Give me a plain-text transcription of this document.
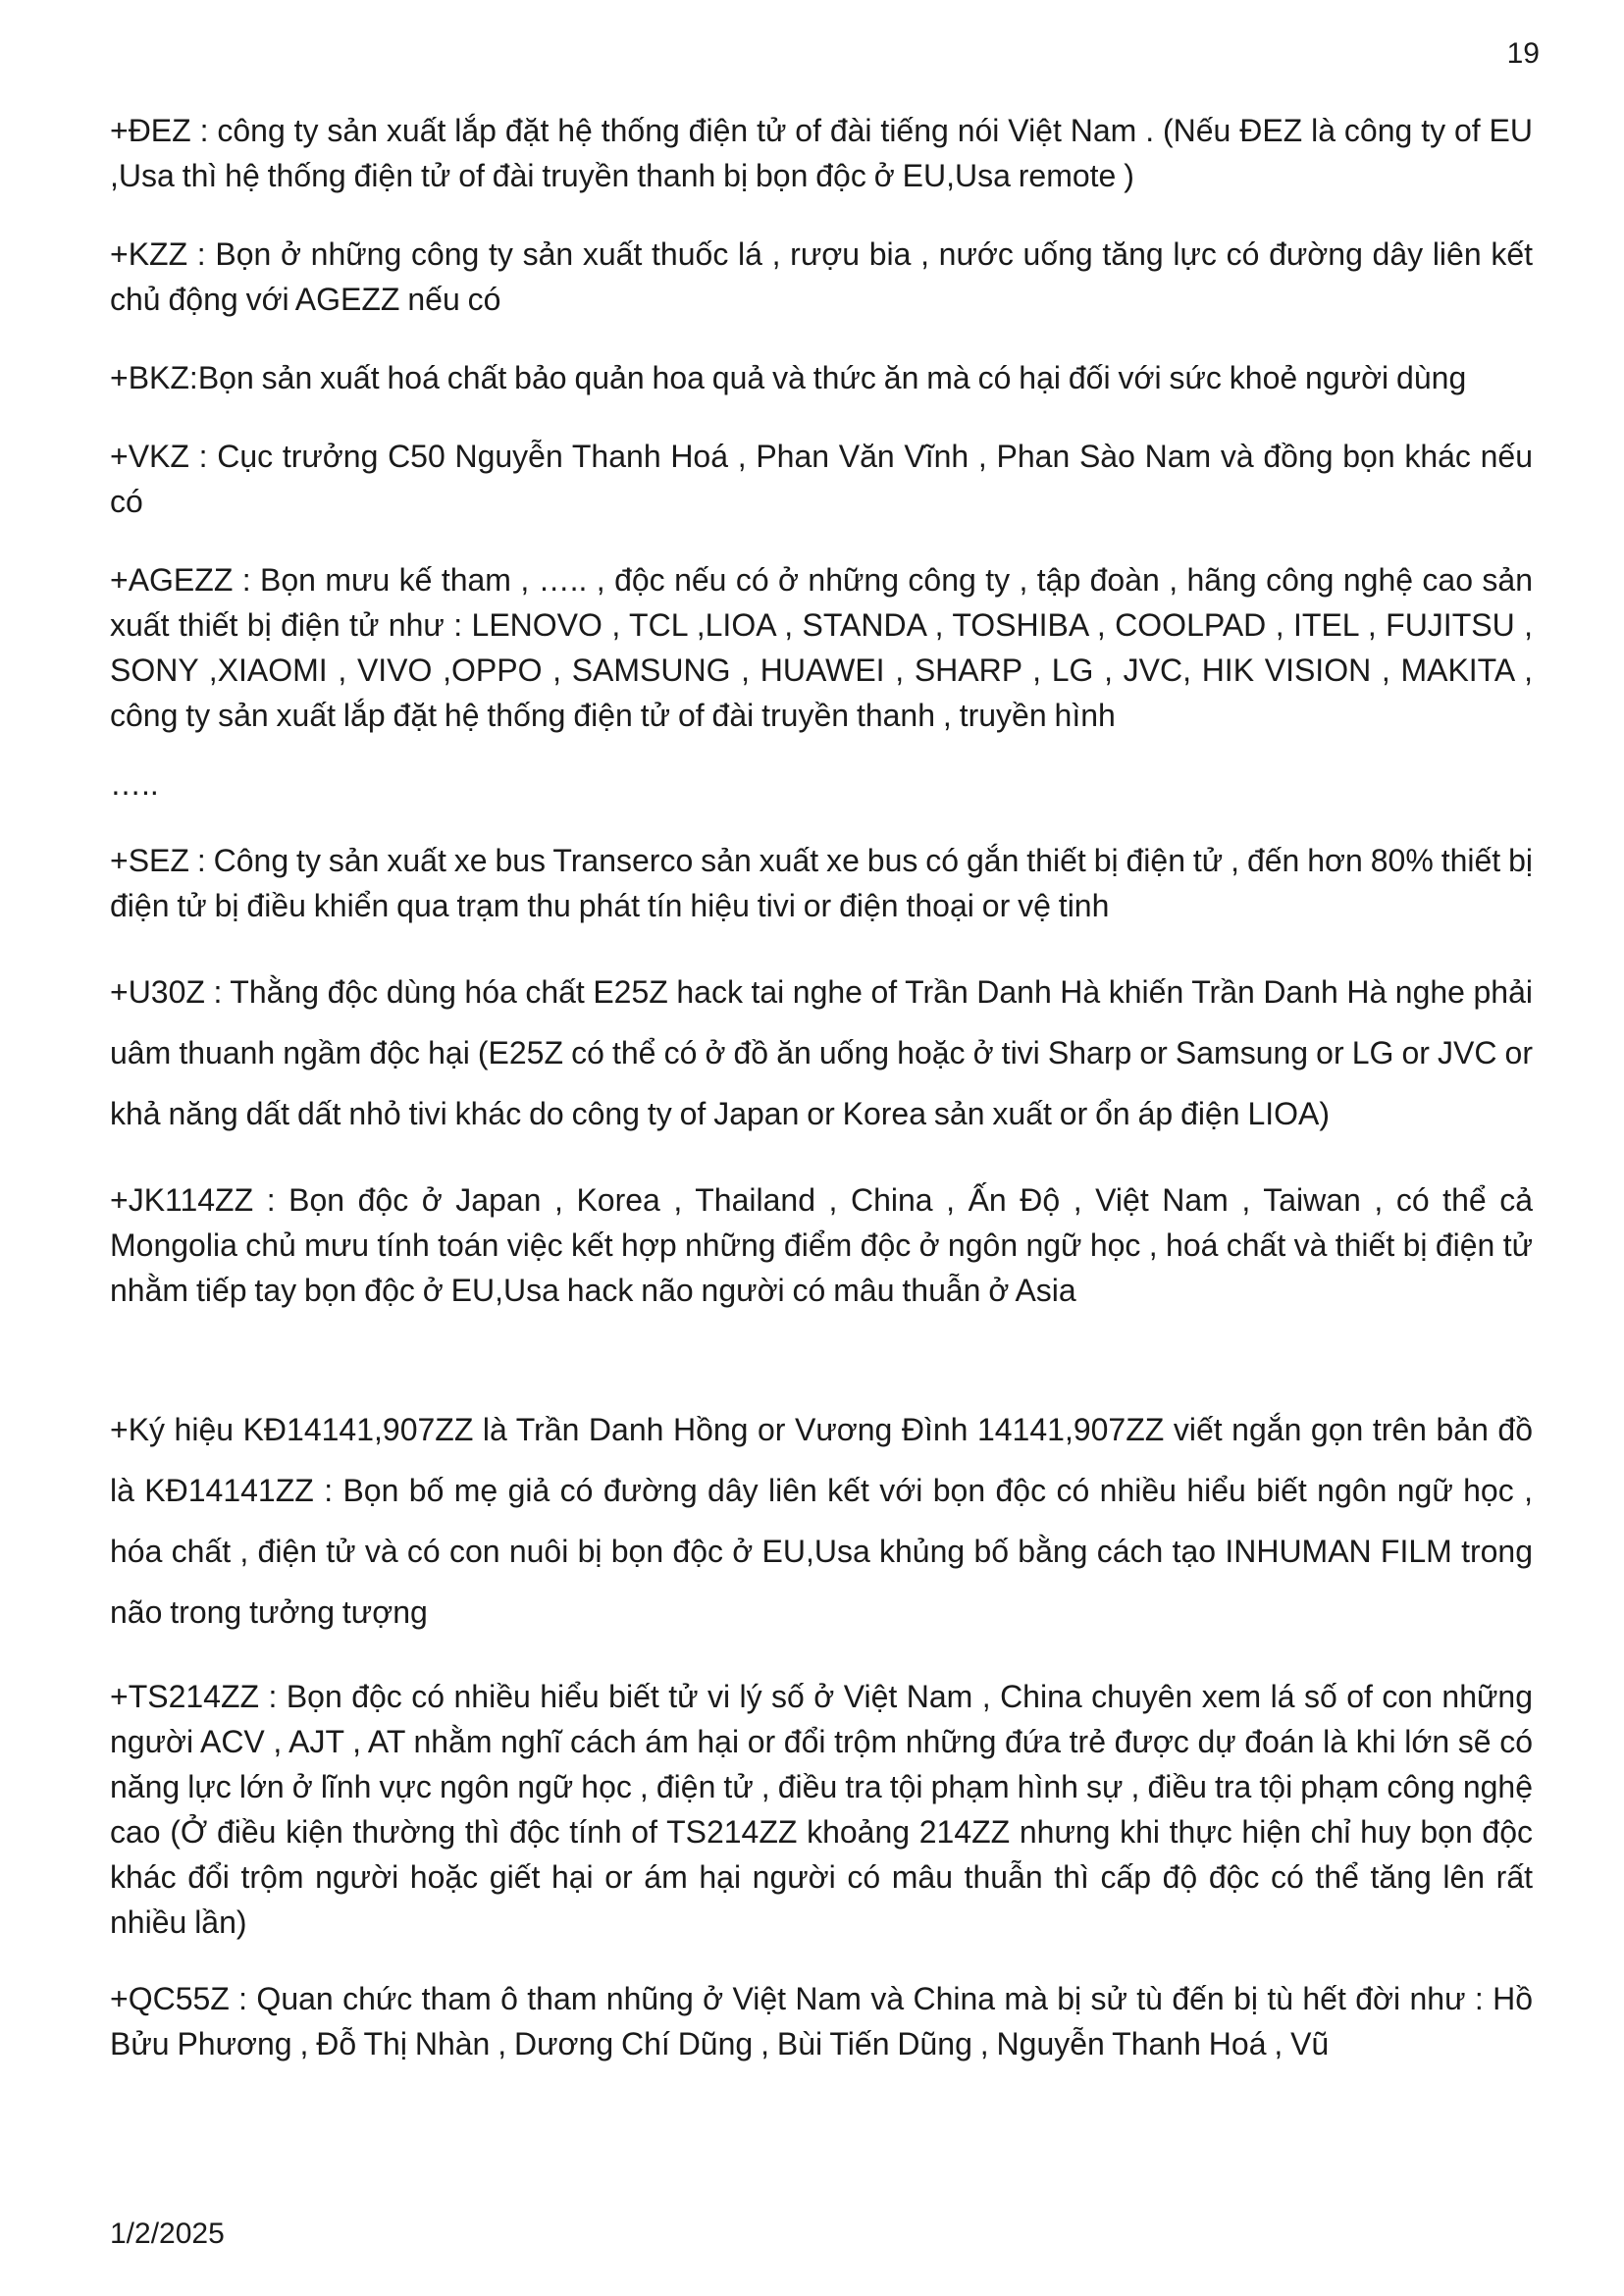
19

+ĐEZ : công ty sản xuất lắp đặt hệ thống điện tử of đài tiếng nói Việt Nam . (Nếu ĐEZ là công ty of EU ,Usa thì hệ thống điện tử of đài truyền thanh bị bọn độc ở EU,Usa remote )

+KZZ : Bọn ở những công ty sản xuất thuốc lá , rượu bia , nước uống tăng lực có đường dây liên kết chủ động với AGEZZ nếu có

+BKZ:Bọn sản xuất hoá chất bảo quản hoa quả và thức ăn mà có hại đối với sức khoẻ người dùng

+VKZ : Cục trưởng C50 Nguyễn Thanh Hoá , Phan Văn Vĩnh , Phan Sào Nam và đồng bọn khác nếu có

+AGEZZ : Bọn mưu kế tham , ….. , độc nếu có ở những công ty , tập đoàn , hãng công nghệ cao sản xuất thiết bị điện tử như : LENOVO , TCL ,LIOA , STANDA , TOSHIBA , COOLPAD , ITEL , FUJITSU , SONY ,XIAOMI , VIVO ,OPPO , SAMSUNG , HUAWEI , SHARP , LG , JVC, HIK VISION , MAKITA , công ty sản xuất lắp đặt hệ thống điện tử of đài truyền thanh , truyền hình

…..

+SEZ : Công ty sản xuất xe bus Transerco sản xuất xe bus có gắn thiết bị điện tử , đến hơn 80% thiết bị điện tử bị điều khiển qua trạm thu phát tín hiệu tivi or điện thoại or vệ tinh

+U30Z : Thằng độc dùng hóa chất E25Z hack tai nghe of Trần Danh Hà khiến Trần Danh Hà nghe phải uâm thuanh ngầm độc hại (E25Z có thể có ở đồ ăn uống hoặc ở tivi Sharp or Samsung or LG or JVC or khả năng dất dất nhỏ tivi khác do công ty of Japan or Korea sản xuất or ổn áp điện LIOA)

+JK114ZZ : Bọn độc ở Japan , Korea , Thailand , China , Ấn Độ , Việt Nam , Taiwan , có thể cả Mongolia chủ mưu tính toán việc kết hợp những điểm độc ở ngôn ngữ học , hoá chất và thiết bị điện tử nhằm tiếp tay bọn độc ở EU,Usa hack não người có mâu thuẫn ở Asia

+Ký hiệu KĐ14141,907ZZ là Trần Danh Hồng or Vương Đình 14141,907ZZ viết ngắn gọn trên bản đồ là KĐ14141ZZ : Bọn bố mẹ giả có đường dây liên kết với bọn độc có nhiều hiểu biết ngôn ngữ học , hóa chất , điện tử và có con nuôi bị bọn độc ở EU,Usa khủng bố bằng cách tạo INHUMAN FILM trong não trong tưởng tượng

+TS214ZZ : Bọn độc có nhiều hiểu biết tử vi lý số ở Việt Nam , China chuyên xem lá số of con những người ACV , AJT , AT nhằm nghĩ cách ám hại or đổi trộm những đứa trẻ được dự đoán là khi lớn sẽ có năng lực lớn ở lĩnh vực ngôn ngữ học , điện tử , điều tra tội phạm hình sự , điều tra tội phạm công nghệ cao (Ở điều kiện thường thì độc tính of TS214ZZ khoảng 214ZZ nhưng khi thực hiện chỉ huy bọn độc khác đổi trộm người hoặc giết hại or ám hại người có mâu thuẫn thì cấp độ độc có thể tăng lên rất nhiều lần)

+QC55Z : Quan chức tham ô tham nhũng ở Việt Nam và China mà bị sử tù đến bị tù hết đời như : Hồ Bửu Phương , Đỗ Thị Nhàn , Dương Chí Dũng , Bùi Tiến Dũng , Nguyễn Thanh Hoá , Vũ

1/2/2025
